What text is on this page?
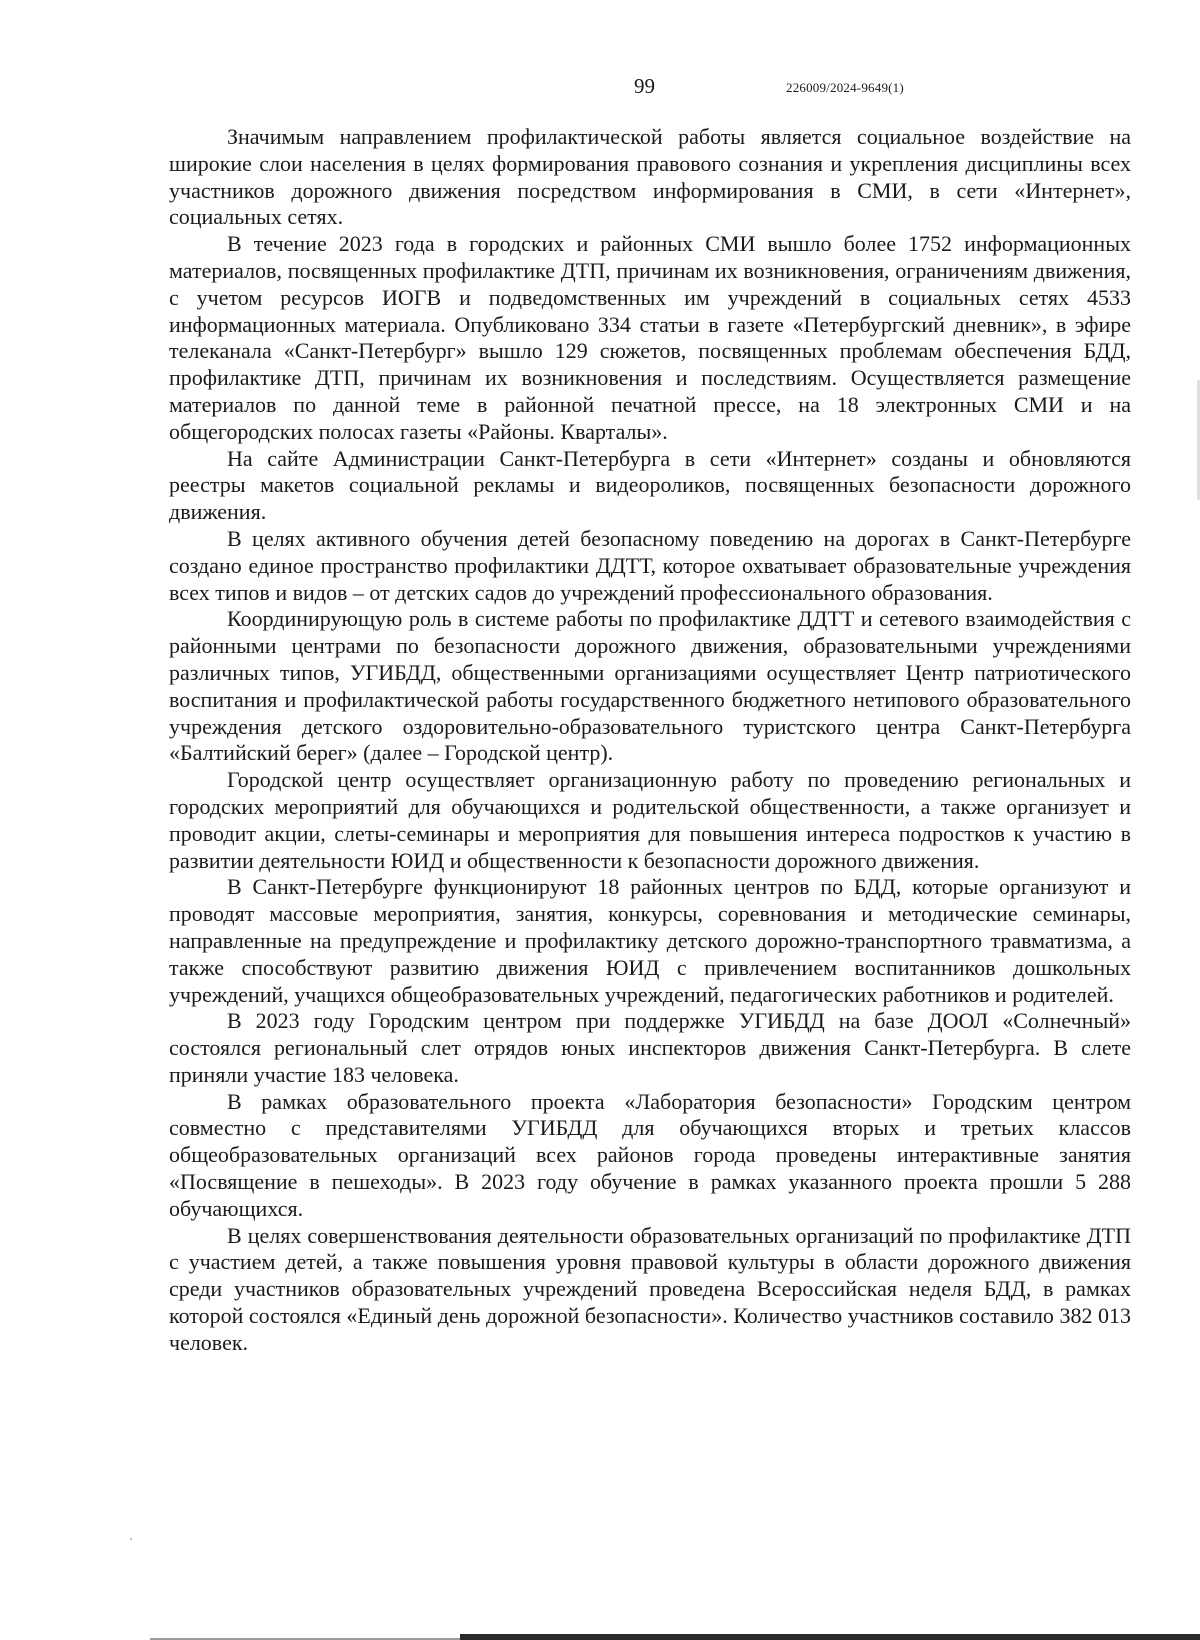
99	226009/2024-9649(1)

Значимым направлением профилактической работы является социальное воздействие на широкие слои населения в целях формирования правового сознания и укрепления дисциплины всех участников дорожного движения посредством информирования в СМИ, в сети «Интернет», социальных сетях.

В течение 2023 года в городских и районных СМИ вышло более 1752 информационных материалов, посвященных профилактике ДТП, причинам их возникновения, ограничениям движения, с учетом ресурсов ИОГВ и подведомственных им учреждений в социальных сетях 4533 информационных материала. Опубликовано 334 статьи в газете «Петербургский дневник», в эфире телеканала «Санкт-Петербург» вышло 129 сюжетов, посвященных проблемам обеспечения БДД, профилактике ДТП, причинам их возникновения и последствиям. Осуществляется размещение материалов по данной теме в районной печатной прессе, на 18 электронных СМИ и на общегородских полосах газеты «Районы. Кварталы».

На сайте Администрации Санкт-Петербурга в сети «Интернет» созданы и обновляются реестры макетов социальной рекламы и видеороликов, посвященных безопасности дорожного движения.

В целях активного обучения детей безопасному поведению на дорогах в Санкт-Петербурге создано единое пространство профилактики ДДТТ, которое охватывает образовательные учреждения всех типов и видов – от детских садов до учреждений профессионального образования.

Координирующую роль в системе работы по профилактике ДДТТ и сетевого взаимодействия с районными центрами по безопасности дорожного движения, образовательными учреждениями различных типов, УГИБДД, общественными организациями осуществляет Центр патриотического воспитания и профилактической работы государственного бюджетного нетипового образовательного учреждения детского оздоровительно-образовательного туристского центра Санкт-Петербурга «Балтийский берег» (далее – Городской центр).

Городской центр осуществляет организационную работу по проведению региональных и городских мероприятий для обучающихся и родительской общественности, а также организует и проводит акции, слеты-семинары и мероприятия для повышения интереса подростков к участию в развитии деятельности ЮИД и общественности к безопасности дорожного движения.

В Санкт-Петербурге функционируют 18 районных центров по БДД, которые организуют и проводят массовые мероприятия, занятия, конкурсы, соревнования и методические семинары, направленные на предупреждение и профилактику детского дорожно-транспортного травматизма, а также способствуют развитию движения ЮИД с привлечением воспитанников дошкольных учреждений, учащихся общеобразовательных учреждений, педагогических работников и родителей.

В 2023 году Городским центром при поддержке УГИБДД на базе ДООЛ «Солнечный» состоялся региональный слет отрядов юных инспекторов движения Санкт-Петербурга. В слете приняли участие 183 человека.

В рамках образовательного проекта «Лаборатория безопасности» Городским центром совместно с представителями УГИБДД для обучающихся вторых и третьих классов общеобразовательных организаций всех районов города проведены интерактивные занятия «Посвящение в пешеходы». В 2023 году обучение в рамках указанного проекта прошли 5 288 обучающихся.

В целях совершенствования деятельности образовательных организаций по профилактике ДТП с участием детей, а также повышения уровня правовой культуры в области дорожного движения среди участников образовательных учреждений проведена Всероссийская неделя БДД, в рамках которой состоялся «Единый день дорожной безопасности». Количество участников составило 382 013 человек.
